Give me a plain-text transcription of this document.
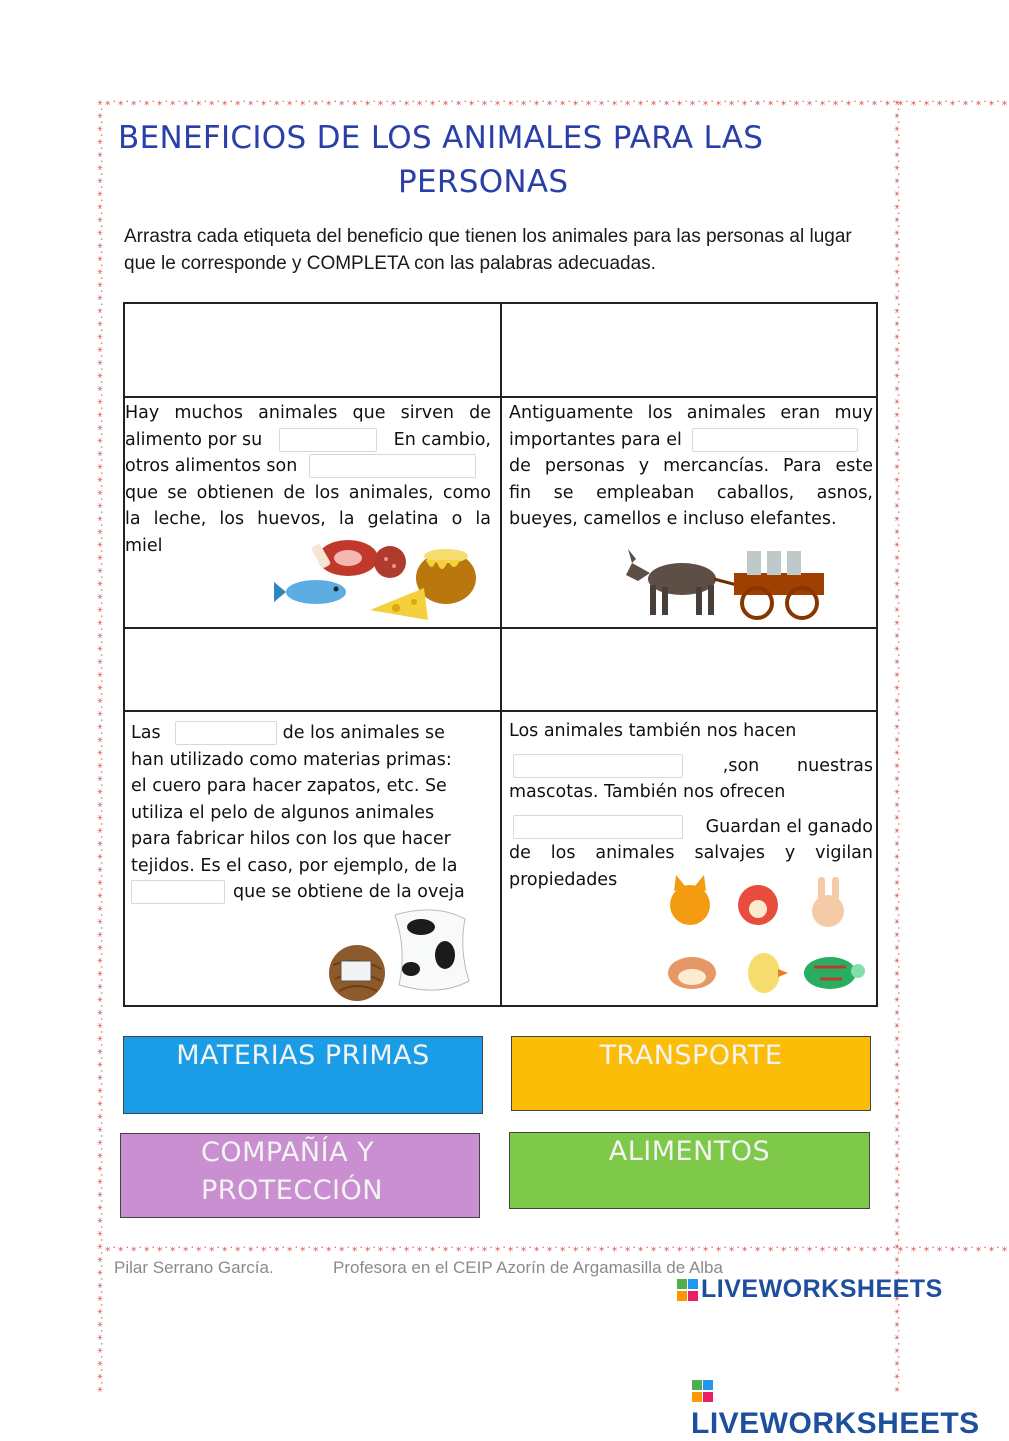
⁎·⁎·⁎·⁎·⁎·⁎·⁎·⁎·⁎·⁎·⁎·⁎·⁎·⁎·⁎·⁎·⁎·⁎·⁎·⁎·⁎·⁎·⁎·⁎·⁎·⁎·⁎·⁎·⁎·⁎·⁎·⁎·⁎·⁎·⁎·⁎·⁎·⁎·⁎·⁎·⁎·⁎·⁎·⁎·⁎·⁎·⁎·⁎·⁎·⁎·⁎·⁎·⁎·⁎·⁎·⁎·⁎·⁎·⁎·⁎·⁎·⁎·⁎·⁎·⁎·⁎·⁎·⁎·⁎·⁎
⁎·⁎·⁎·⁎·⁎·⁎·⁎·⁎·⁎·⁎·⁎·⁎·⁎·⁎·⁎·⁎·⁎·⁎·⁎·⁎·⁎·⁎·⁎·⁎·⁎·⁎·⁎·⁎·⁎·⁎·⁎·⁎·⁎·⁎·⁎·⁎·⁎·⁎·⁎·⁎·⁎·⁎·⁎·⁎·⁎·⁎·⁎·⁎·⁎·⁎·⁎·⁎·⁎·⁎·⁎·⁎·⁎·⁎·⁎·⁎·⁎·⁎·⁎·⁎·⁎·⁎·⁎·⁎·⁎·⁎
⁎·⁎·⁎·⁎·⁎·⁎·⁎·⁎·⁎·⁎·⁎·⁎·⁎·⁎·⁎·⁎·⁎·⁎·⁎·⁎·⁎·⁎·⁎·⁎·⁎·⁎·⁎·⁎·⁎·⁎·⁎·⁎·⁎·⁎·⁎·⁎·⁎·⁎·⁎·⁎·⁎·⁎·⁎·⁎·⁎·⁎·⁎·⁎·⁎·⁎·⁎·⁎·⁎·⁎·⁎·⁎·⁎·⁎·⁎·⁎·⁎·⁎·⁎·⁎·⁎·⁎·⁎·⁎·⁎·⁎·⁎·⁎·⁎·⁎·⁎·⁎·⁎·⁎·⁎·⁎·⁎·⁎·⁎·⁎·⁎·⁎·⁎·⁎·⁎·⁎·⁎·⁎·⁎·⁎·⁎·⁎·⁎·⁎·⁎·⁎	⁎·⁎·⁎·⁎·⁎·⁎·⁎·⁎·⁎·⁎·⁎·⁎·⁎·⁎·⁎·⁎·⁎·⁎·⁎·⁎·⁎·⁎·⁎·⁎·⁎·⁎·⁎·⁎·⁎·⁎·⁎·⁎·⁎·⁎·⁎·⁎·⁎·⁎·⁎·⁎·⁎·⁎·⁎·⁎·⁎·⁎·⁎·⁎·⁎·⁎·⁎·⁎·⁎·⁎·⁎·⁎·⁎·⁎·⁎·⁎·⁎·⁎·⁎·⁎·⁎·⁎·⁎·⁎·⁎·⁎·⁎·⁎·⁎·⁎·⁎·⁎·⁎·⁎·⁎·⁎·⁎·⁎·⁎·⁎·⁎·⁎·⁎·⁎·⁎·⁎·⁎·⁎·⁎·⁎·⁎·⁎·⁎·⁎·⁎·⁎
BENEFICIOS DE LOS ANIMALES PARA LAS
PERSONAS
Arrastra cada etiqueta del beneficio que tienen los animales para las personas al lugar que le corresponde y COMPLETA con las palabras adecuadas.
Hay muchos animales que sirven de
alimento por su	En cambio,
otros alimentos son
que se obtienen de los animales, como
la leche, los huevos, la gelatina o la
miel
Antiguamente los animales eran muy
importantes para el
de personas y mercancías. Para este
fin se empleaban caballos, asnos,
bueyes, camellos e incluso elefantes.
Las	de los animales se
han utilizado como materias primas:
el cuero para hacer zapatos, etc. Se
utiliza el pelo de algunos animales
para fabricar hilos con los que hacer
tejidos. Es el caso, por ejemplo, de la
que se obtiene de la oveja
Los animales también nos hacen
,son nuestras
mascotas. También nos ofrecen
Guardan el ganado
de los animales salvajes y vigilan
propiedades
MATERIAS PRIMAS	TRANSPORTE
COMPAÑÍA Y PROTECCIÓN
ALIMENTOS
Pilar Serrano García.	Profesora en el CEIP Azorín de Argamasilla de Alba
LIVEWORKSHEETS
LIVEWORKSHEETS
